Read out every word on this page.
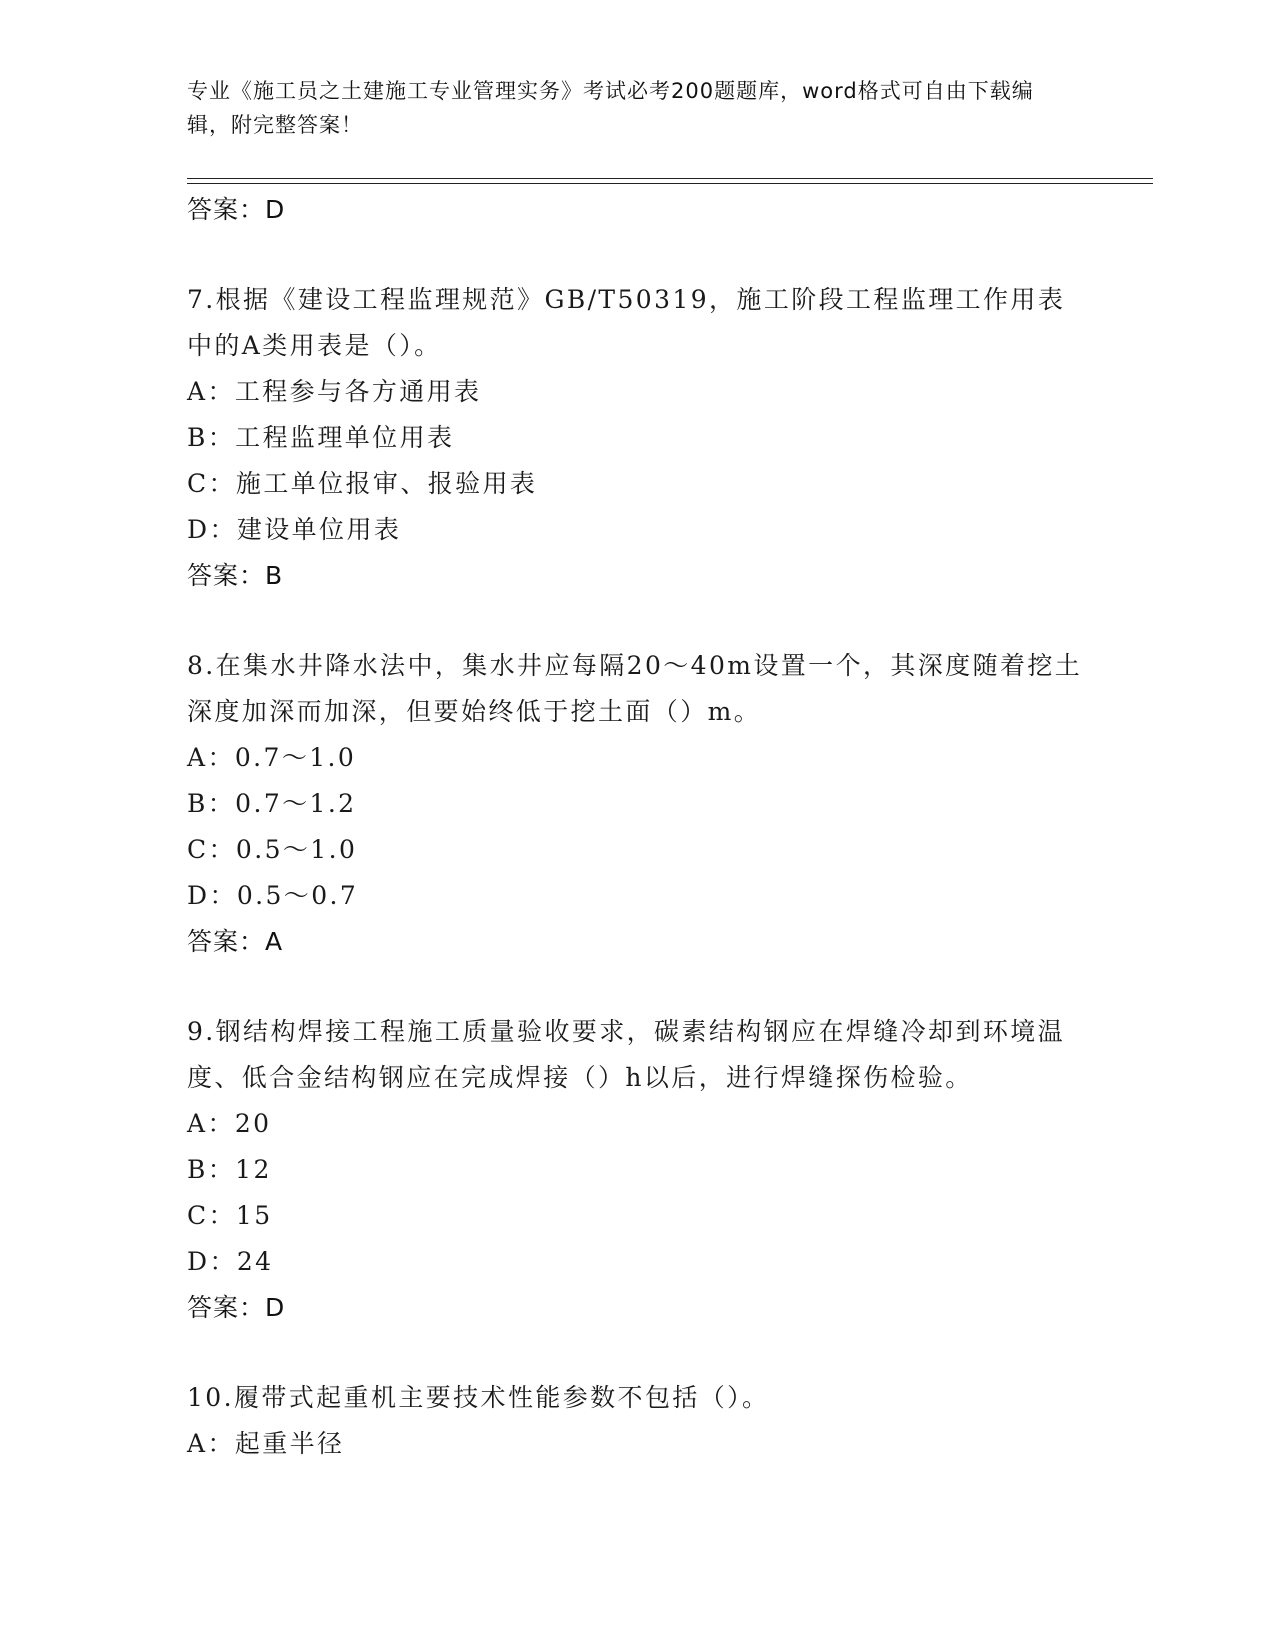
专业《施工员之土建施工专业管理实务》考试必考200题题库，word格式可自由下载编辑，附完整答案！
答案：D
7.根据《建设工程监理规范》GB/T50319，施工阶段工程监理工作用表中的A类用表是（）。
A：工程参与各方通用表
B：工程监理单位用表
C：施工单位报审、报验用表
D：建设单位用表
答案：B
8.在集水井降水法中，集水井应每隔20～40m设置一个，其深度随着挖土深度加深而加深，但要始终低于挖土面（）m。
A：0.7～1.0
B：0.7～1.2
C：0.5～1.0
D：0.5～0.7
答案：A
9.钢结构焊接工程施工质量验收要求，碳素结构钢应在焊缝冷却到环境温度、低合金结构钢应在完成焊接（）h以后，进行焊缝探伤检验。
A：20
B：12
C：15
D：24
答案：D
10.履带式起重机主要技术性能参数不包括（）。
A：起重半径
